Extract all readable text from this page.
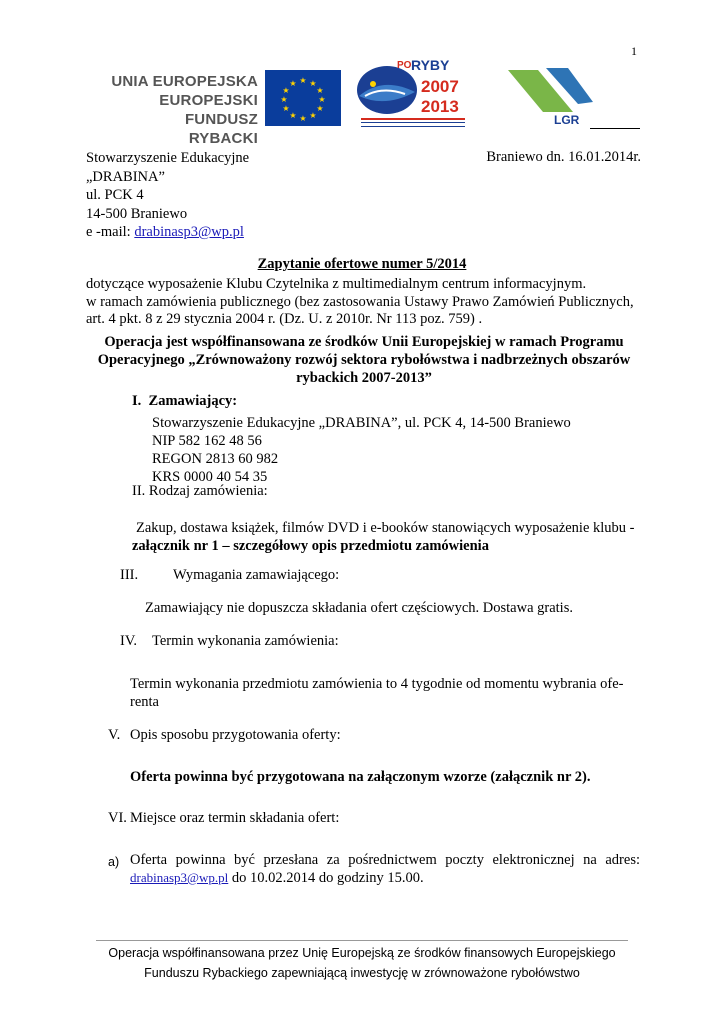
1
UNIA EUROPEJSKA
EUROPEJSKI FUNDUSZ
RYBACKI
★ ★
★
★
★
★
★
★
★
★
★
★
PO RYBY
2007
2013
LGR
Stowarzyszenie Edukacyjne
„DRABINA”
ul. PCK 4
14-500 Braniewo
e -mail: drabinasp3@wp.pl
Braniewo dn. 16.01.2014r.
Zapytanie ofertowe numer 5/2014
dotyczące wyposażenie Klubu Czytelnika z multimedialnym centrum informacyjnym.
w ramach zamówienia publicznego (bez zastosowania Ustawy Prawo Zamówień Publicznych,
art. 4 pkt. 8 z 29 stycznia 2004 r. (Dz. U. z 2010r. Nr 113 poz. 759) .
Operacja jest współfinansowana ze środków Unii Europejskiej w ramach Programu
Operacyjnego „Zrównoważony rozwój sektora rybołówstwa i nadbrzeżnych obszarów
rybackich 2007-2013”
I. Zamawiający:
Stowarzyszenie Edukacyjne „DRABINA”, ul. PCK 4, 14-500 Braniewo
NIP 582 162 48 56
REGON 2813 60 982
KRS 0000 40 54 35
II. Rodzaj zamówienia:
Zakup, dostawa książek, filmów DVD i e-booków stanowiących wyposażenie klubu -
załącznik nr 1 – szczegółowy opis przedmiotu zamówienia
III. Wymagania zamawiającego:
Zamawiający nie dopuszcza składania ofert częściowych. Dostawa gratis.
IV. Termin wykonania zamówienia:
Termin wykonania przedmiotu zamówienia to 4 tygodnie od momentu wybrania ofe-
renta
V. Opis sposobu przygotowania oferty:
Oferta powinna być przygotowana na załączonym wzorze (załącznik nr 2).
VI. Miejsce oraz termin składania ofert:
a) Oferta powinna być przesłana za pośrednictwem poczty elektronicznej na adres:
drabinasp3@wp.pl do 10.02.2014 do godziny 15.00.
Operacja współfinansowana przez Unię Europejską ze środków finansowych Europejskiego
Funduszu Rybackiego zapewniającą inwestycję w zrównoważone rybołówstwo
